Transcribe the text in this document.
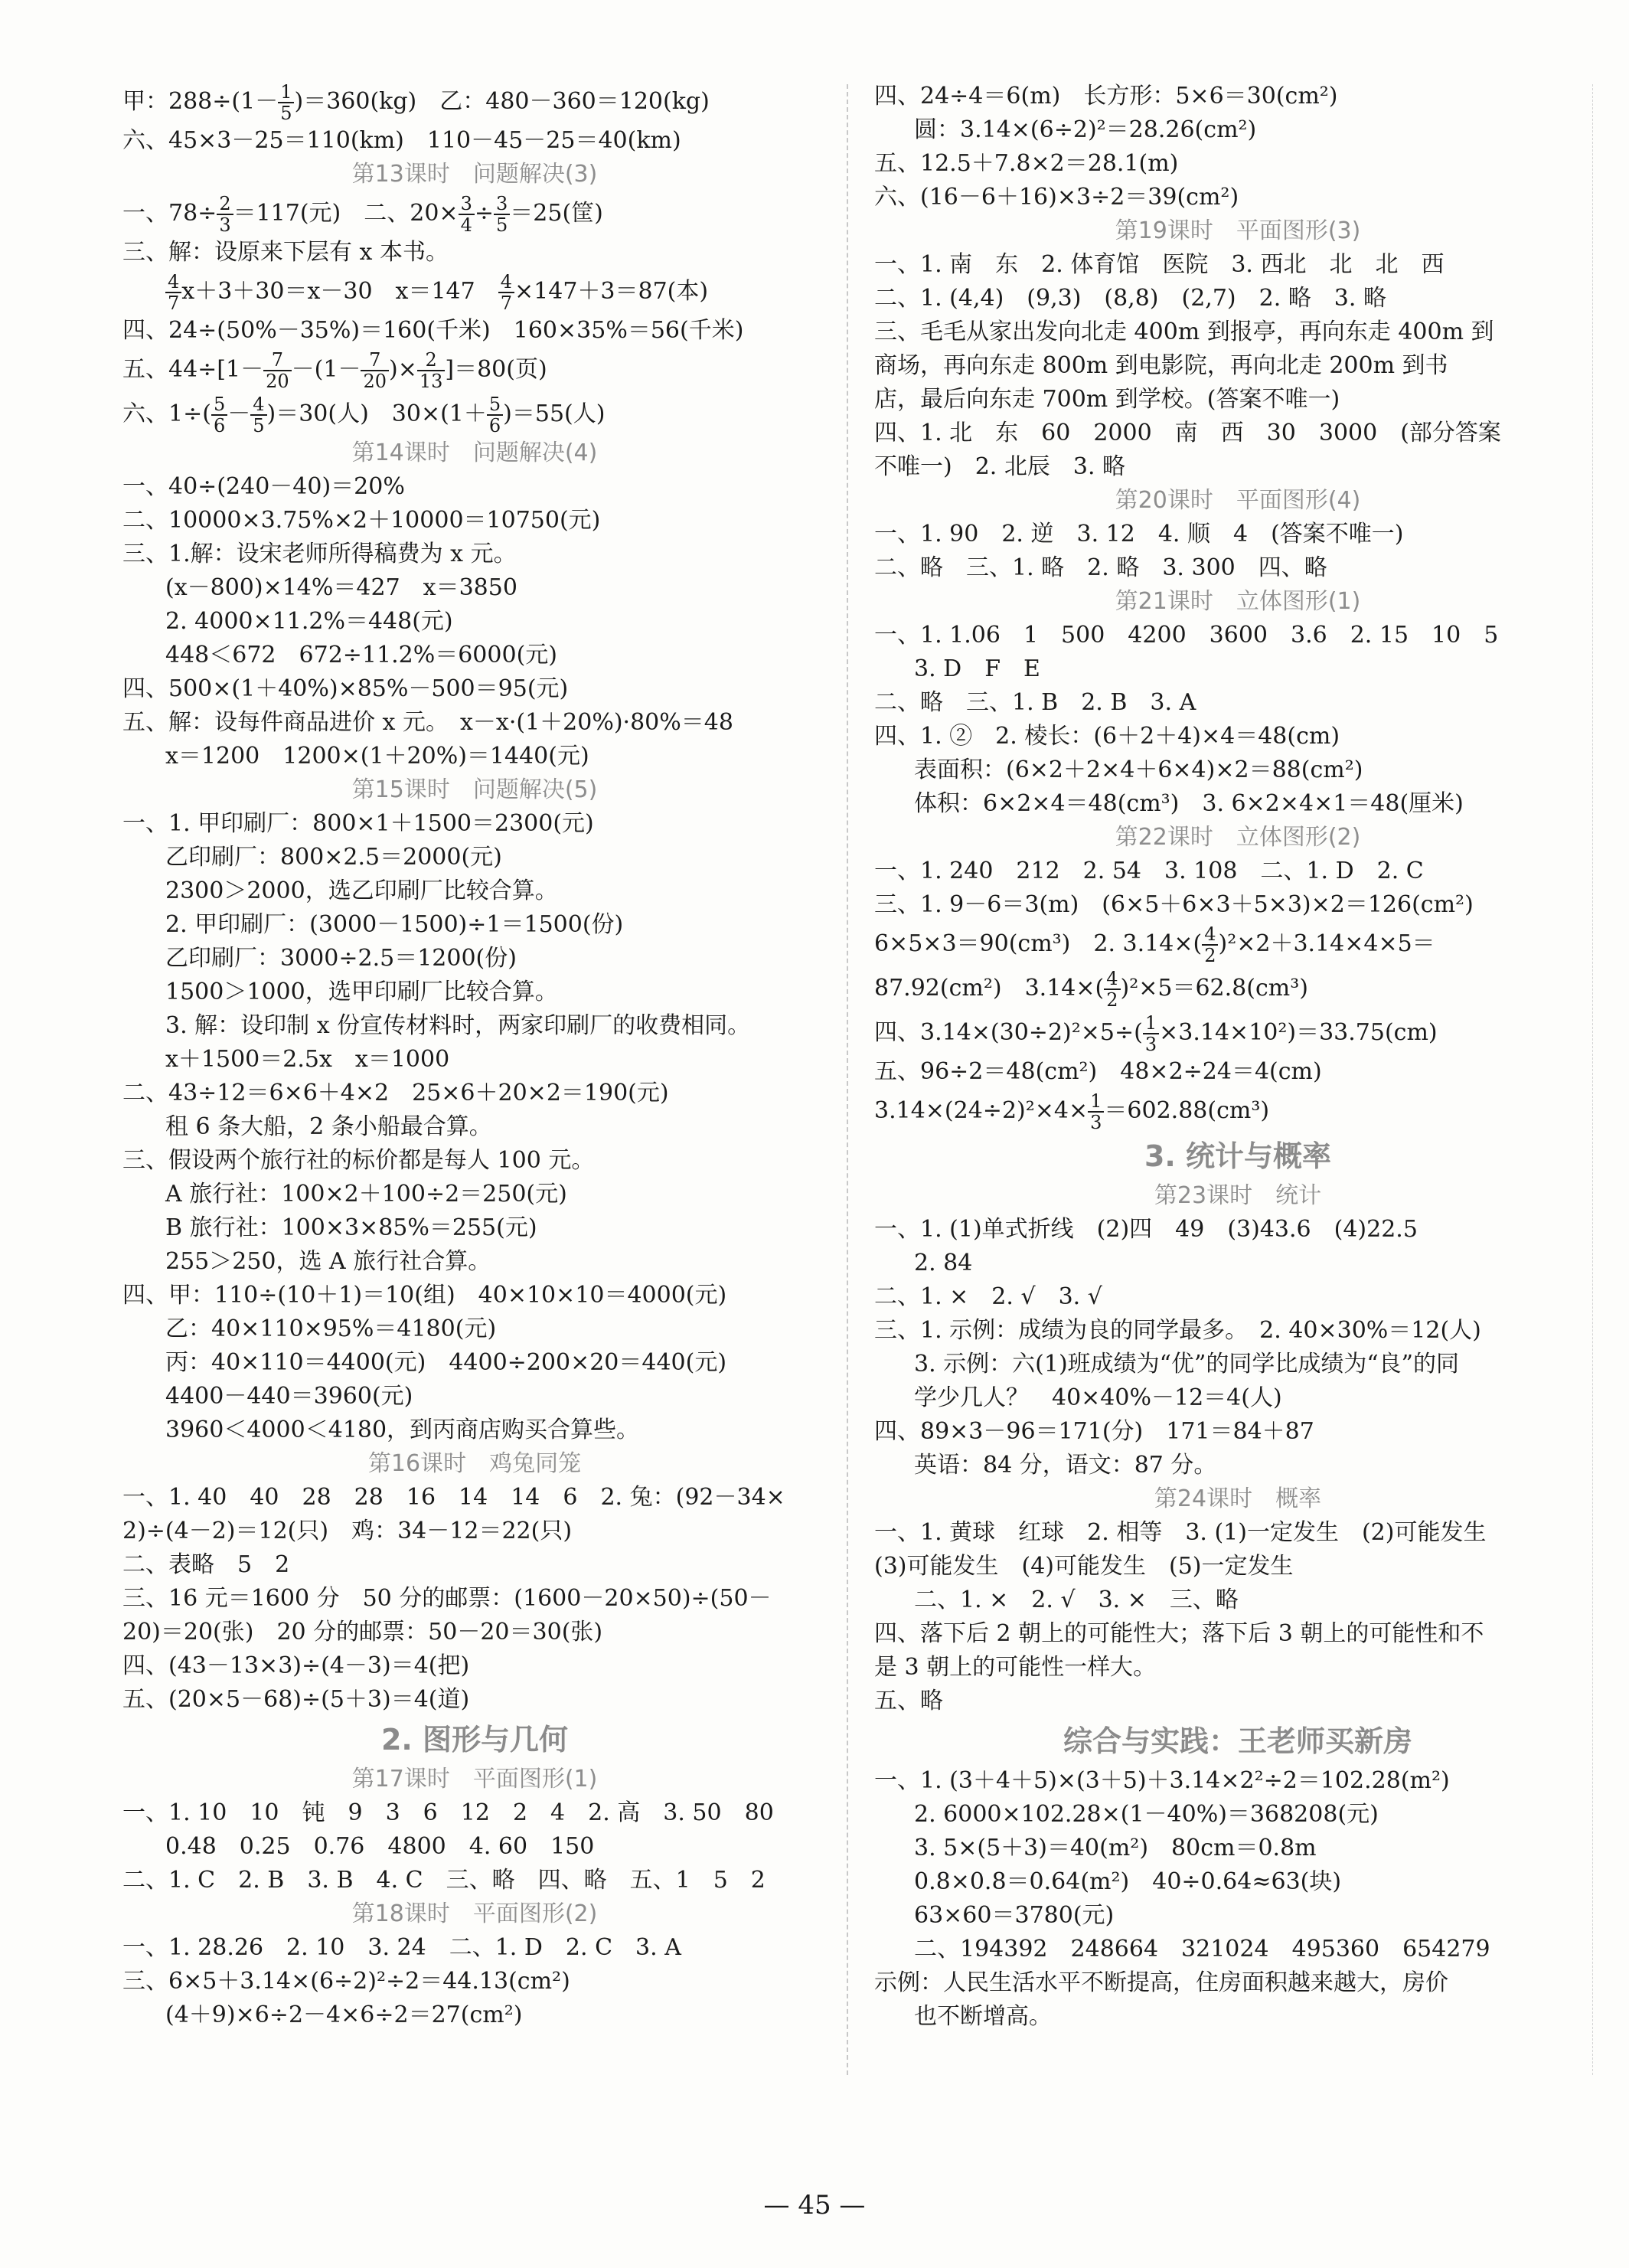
甲：$288\div(1- \frac{1}{5} )=360(kg)$　乙：480－360＝120(kg)
六、45×3－25＝110(km)　110－45－25＝40(km)
第13课时　问题解决(3)
一、$78\div \frac{2}{3} =117$(元)　二、$20\times \frac{3}{4} \div \frac{3}{5} =25$(筐)
三、解：设原来下层有 x 本书。
$\frac{4}{7} x+3+30=x-30$　x＝147　 $\frac{4}{7} \times 147+3=87$(本)
四、24÷(50%－35%)＝160(千米)　160×35%＝56(千米)
五、$44\div[1- \frac{7}{20} -(1- \frac{7}{20}$ )× $\frac{2}{13} ]=80$(页)
六、$1\div( \frac{5}{6} - \frac{4}{5} )=30$(人)　$30\times(1+ \frac{5}{6} )=55$(人)
第14课时　问题解决(4)
一、40÷(240－40)＝20%
二、10000×3.75%×2＋10000＝10750(元)
三、1.解：设宋老师所得稿费为 x 元。
(x－800)×14%＝427　x＝3850
2. 4000×11.2%＝448(元)
448＜672　672÷11.2%＝6000(元)
四、500×(1＋40%)×85%－500＝95(元)
五、解：设每件商品进价 x 元。　x－x·(1＋20%)·80%＝48
x＝1200　1200×(1＋20%)＝1440(元)
第15课时　问题解决(5)
一、1. 甲印刷厂：800×1＋1500＝2300(元)
乙印刷厂：800×2.5＝2000(元)
2300＞2000，选乙印刷厂比较合算。
2. 甲印刷厂：(3000－1500)÷1＝1500(份)
乙印刷厂：3000÷2.5＝1200(份)
1500＞1000，选甲印刷厂比较合算。
3. 解：设印制 x 份宣传材料时，两家印刷厂的收费相同。
x＋1500＝2.5x　x＝1000
二、43÷12＝6×6＋4×2　25×6＋20×2＝190(元)
租 6 条大船，2 条小船最合算。
三、假设两个旅行社的标价都是每人 100 元。
A 旅行社：100×2＋100÷2＝250(元)
B 旅行社：100×3×85%＝255(元)
255＞250，选 A 旅行社合算。
四、甲：110÷(10＋1)＝10(组)　40×10×10＝4000(元)
乙：40×110×95%＝4180(元)
丙：40×110＝4400(元)　4400÷200×20＝440(元)
4400－440＝3960(元)
3960＜4000＜4180，到丙商店购买合算些。
第16课时　鸡兔同笼
一、1. 40　40　28　28　16　14　14　6　2. 兔：(92－34×
2)÷(4－2)＝12(只)　鸡：34－12＝22(只)
二、表略　5　2
三、16 元＝1600 分　50 分的邮票：(1600－20×50)÷(50－
20)＝20(张)　20 分的邮票：50－20＝30(张)
四、(43－13×3)÷(4－3)＝4(把)
五、(20×5－68)÷(5＋3)＝4(道)
2. 图形与几何
第17课时　平面图形(1)
一、1. 10　10　钝　9　3　6　12　2　4　2. 高　3. 50　80
0.48　0.25　0.76　4800　4. 60　150
二、1. C　2. B　3. B　4. C　三、略　四、略　五、1　5　2
第18课时　平面图形(2)
一、1. 28.26　2. 10　3. 24　二、1. D　2. C　3. A
三、6×5＋3.14×(6÷2)²÷2＝44.13(cm²)
(4＋9)×6÷2－4×6÷2＝27(cm²)
四、24÷4＝6(m)　长方形：5×6＝30(cm²)
圆：3.14×(6÷2)²＝28.26(cm²)
五、12.5＋7.8×2＝28.1(m)
六、(16－6＋16)×3÷2＝39(cm²)
第19课时　平面图形(3)
一、1. 南　东　2. 体育馆　医院　3. 西北　北　北　西
二、1. (4,4)　(9,3)　(8,8)　(2,7)　2. 略　3. 略
三、毛毛从家出发向北走 400m 到报亭，再向东走 400m 到
商场，再向东走 800m 到电影院，再向北走 200m 到书
店，最后向东走 700m 到学校。(答案不唯一)
四、1. 北　东　60　2000　南　西　30　3000　(部分答案
不唯一)　2. 北辰　3. 略
第20课时　平面图形(4)
一、1. 90　2. 逆　3. 12　4. 顺　4　(答案不唯一)
二、略　三、1. 略　2. 略　3. 300　四、略
第21课时　立体图形(1)
一、1. 1.06　1　500　4200　3600　3.6　2. 15　10　5
3. D　F　E
二、略　三、1. B　2. B　3. A
四、1. ②　2. 棱长：(6＋2＋4)×4＝48(cm)
表面积：(6×2＋2×4＋6×4)×2＝88(cm²)
体积：6×2×4＝48(cm³)　3. 6×2×4×1＝48(厘米)
第22课时　立体图形(2)
一、1. 240　212　2. 54　3. 108　二、1. D　2. C
三、1. 9－6＝3(m)　(6×5＋6×3＋5×3)×2＝126(cm²)
6×5×3＝90(cm³)　2. $3.14\times( \frac{4}{2} )^2\times 2+3.14\times 4\times 5=$
87.92(cm²)　$3.14\times( \frac{4}{2} )^2\times 5=62.8(cm^3)$
四、$3.14\times(30\div 2)^2\times 5\div( \frac{1}{3} \times 3.14\times 10^2)=33.75(cm)$
五、96÷2＝48(cm²)　48×2÷24＝4(cm)
$3.14\times(24\div 2)^2\times 4\times \frac{1}{3} =602.88(cm^3)$
3. 统计与概率
第23课时　统计
一、1. (1)单式折线　(2)四　49　(3)43.6　(4)22.5
2. 84
二、1. ×　2. √　3. √
三、1. 示例：成绩为良的同学最多。　2. 40×30%＝12(人)
3. 示例：六(1)班成绩为“优”的同学比成绩为“良”的同
学少几人？　40×40%－12＝4(人)
四、89×3－96＝171(分)　171＝84＋87
英语：84 分，语文：87 分。
第24课时　概率
一、1. 黄球　红球　2. 相等　3. (1)一定发生　(2)可能发生
(3)可能发生　(4)可能发生　(5)一定发生
二、1. ×　2. √　3. ×　三、略
四、落下后 2 朝上的可能性大；落下后 3 朝上的可能性和不
是 3 朝上的可能性一样大。
五、略
综合与实践：王老师买新房
一、1. (3＋4＋5)×(3＋5)＋3.14×2²÷2＝102.28(m²)
2. 6000×102.28×(1－40%)＝368208(元)
3. 5×(5＋3)＝40(m²)　80cm＝0.8m
0.8×0.8＝0.64(m²)　40÷0.64≈63(块)
63×60＝3780(元)
二、194392　248664　321024　495360　654279
示例：人民生活水平不断提高，住房面积越来越大，房价
也不断增高。
— 45 —
